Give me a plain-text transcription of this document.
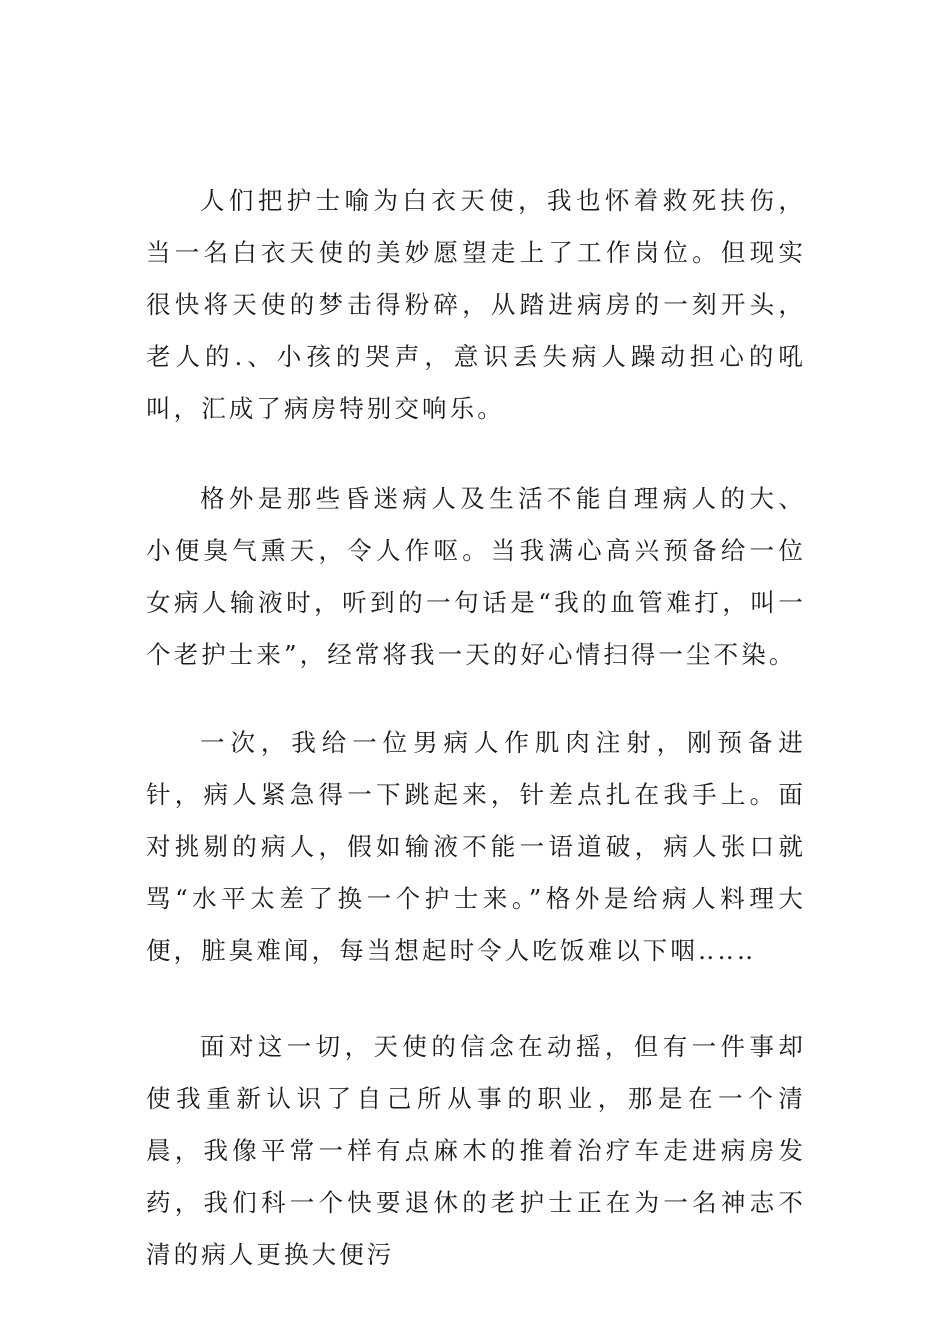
人们把护士喻为白衣天使，我也怀着救死扶伤，当一名白衣天使的美妙愿望走上了工作岗位。但现实很快将天使的梦击得粉碎，从踏进病房的一刻开头，老人的.、小孩的哭声，意识丢失病人躁动担心的吼叫，汇成了病房特别交响乐。

格外是那些昏迷病人及生活不能自理病人的大、小便臭气熏天，令人作呕。当我满心高兴预备给一位女病人输液时，听到的一句话是“我的血管难打，叫一个老护士来”，经常将我一天的好心情扫得一尘不染。

一次，我给一位男病人作肌肉注射，刚预备进针，病人紧急得一下跳起来，针差点扎在我手上。面对挑剔的病人，假如输液不能一语道破，病人张口就骂“水平太差了换一个护士来。”格外是给病人料理大便，脏臭难闻，每当想起时令人吃饭难以下咽‥‥‥

面对这一切，天使的信念在动摇，但有一件事却使我重新认识了自己所从事的职业，那是在一个清晨，我像平常一样有点麻木的推着治疗车走进病房发药，我们科一个快要退休的老护士正在为一名神志不清的病人更换大便污
